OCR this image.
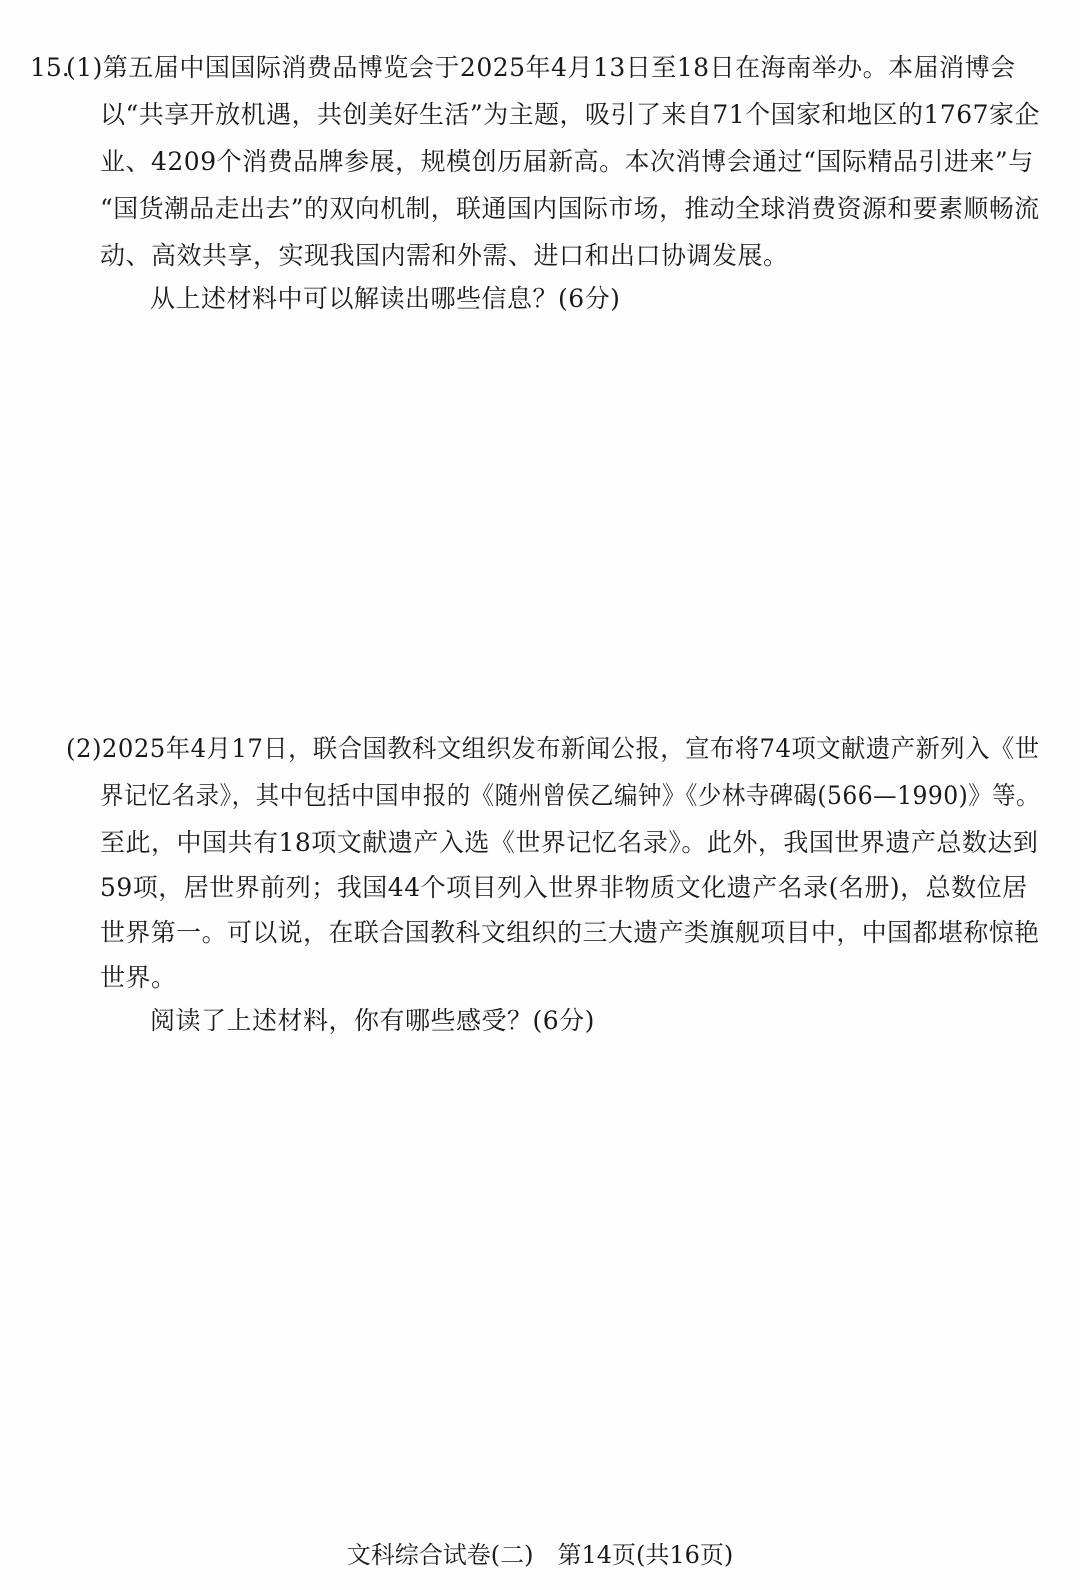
15.
(1)第五届中国国际消费品博览会于2025年4月13日至18日在海南举办。本届消博会
以“共享开放机遇，共创美好生活”为主题，吸引了来自71个国家和地区的1767家企
业、4209个消费品牌参展，规模创历届新高。本次消博会通过“国际精品引进来”与
“国货潮品走出去”的双向机制，联通国内国际市场，推动全球消费资源和要素顺畅流
动、高效共享，实现我国内需和外需、进口和出口协调发展。
从上述材料中可以解读出哪些信息？(6分)
(2)2025年4月17日，联合国教科文组织发布新闻公报，宣布将74项文献遗产新列入《世
界记忆名录》，其中包括中国申报的《随州曾侯乙编钟》《少林寺碑碣(566—1990)》等。
至此，中国共有18项文献遗产入选《世界记忆名录》。此外，我国世界遗产总数达到
59项，居世界前列；我国44个项目列入世界非物质文化遗产名录(名册)，总数位居
世界第一。可以说，在联合国教科文组织的三大遗产类旗舰项目中，中国都堪称惊艳
世界。
阅读了上述材料，你有哪些感受？(6分)
文科综合试卷(二)　第14页(共16页)
